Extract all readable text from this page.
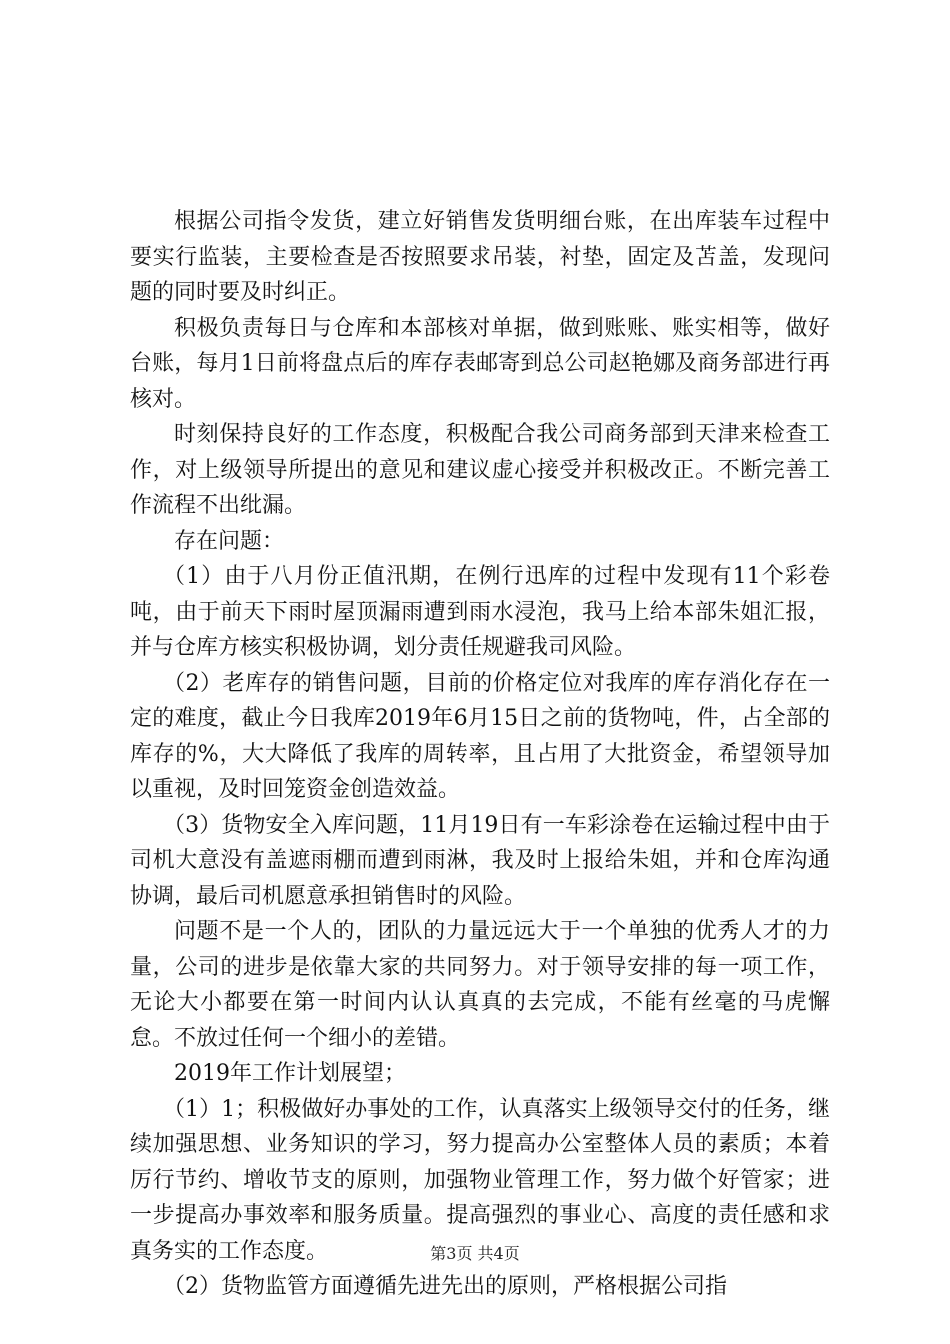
根据公司指令发货，建立好销售发货明细台账，在出库装车过程中要实行监装，主要检查是否按照要求吊装，衬垫，固定及苫盖，发现问题的同时要及时纠正。

积极负责每日与仓库和本部核对单据，做到账账、账实相等，做好台账，每月1日前将盘点后的库存表邮寄到总公司赵艳娜及商务部进行再核对。

时刻保持良好的工作态度，积极配合我公司商务部到天津来检查工作，对上级领导所提出的意见和建议虚心接受并积极改正。不断完善工作流程不出纰漏。

存在问题：

（1）由于八月份正值汛期，在例行迅库的过程中发现有11个彩卷吨，由于前天下雨时屋顶漏雨遭到雨水浸泡，我马上给本部朱姐汇报，并与仓库方核实积极协调，划分责任规避我司风险。

（2）老库存的销售问题，目前的价格定位对我库的库存消化存在一定的难度，截止今日我库2019年6月15日之前的货物吨，件，占全部的库存的%，大大降低了我库的周转率，且占用了大批资金，希望领导加以重视，及时回笼资金创造效益。

（3）货物安全入库问题，11月19日有一车彩涂卷在运输过程中由于司机大意没有盖遮雨棚而遭到雨淋，我及时上报给朱姐，并和仓库沟通协调，最后司机愿意承担销售时的风险。

问题不是一个人的，团队的力量远远大于一个单独的优秀人才的力量，公司的进步是依靠大家的共同努力。对于领导安排的每一项工作，无论大小都要在第一时间内认认真真的去完成，不能有丝毫的马虎懈怠。不放过任何一个细小的差错。

2019年工作计划展望；

（1）1；积极做好办事处的工作，认真落实上级领导交付的任务，继续加强思想、业务知识的学习，努力提高办公室整体人员的素质；本着厉行节约、增收节支的原则，加强物业管理工作，努力做个好管家；进一步提高办事效率和服务质量。提高强烈的事业心、高度的责任感和求真务实的工作态度。

（2）货物监管方面遵循先进先出的原则，严格根据公司指

第3页 共4页
